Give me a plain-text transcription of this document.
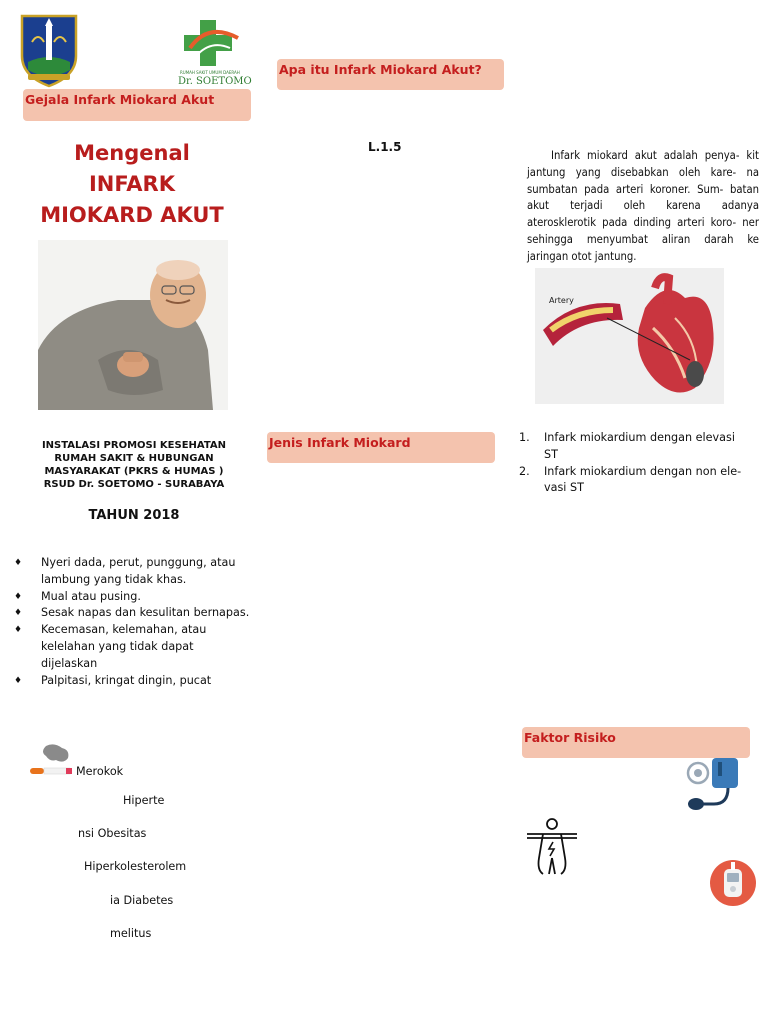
RUMAH SAKIT UMUM DAERAH
Dr. SOETOMO
Gejala Infark Miokard Akut
Apa itu Infark Miokard Akut?
Jenis Infark Miokard
Faktor Risiko
Mengenal
INFARK
MIOKARD AKUT
INSTALASI PROMOSI KESEHATAN
RUMAH SAKIT & HUBUNGAN
MASYARAKAT (PKRS & HUMAS )
RSUD Dr. SOETOMO - SURABAYA
TAHUN 2018
L.1.5
Infark miokard akut adalah penya- kit jantung yang disebabkan oleh kare- na sumbatan pada arteri koroner. Sum- batan akut terjadi oleh karena adanya aterosklerotik pada dinding arteri koro- ner sehingga menyumbat aliran darah ke jaringan otot jantung.
Artery
1. Infark miokardium dengan elevasi ST
2. Infark miokardium dengan non ele- vasi ST
♦ Nyeri dada, perut, punggung, atau lambung yang tidak khas.
♦ Mual atau pusing.
♦ Sesak napas dan kesulitan bernapas.
♦ Kecemasan, kelemahan, atau kelelahan yang tidak dapat dijelaskan
♦ Palpitasi, kringat dingin, pucat
Merokok
Hiperte
nsi Obesitas
Hiperkolesterolem
ia Diabetes
melitus
